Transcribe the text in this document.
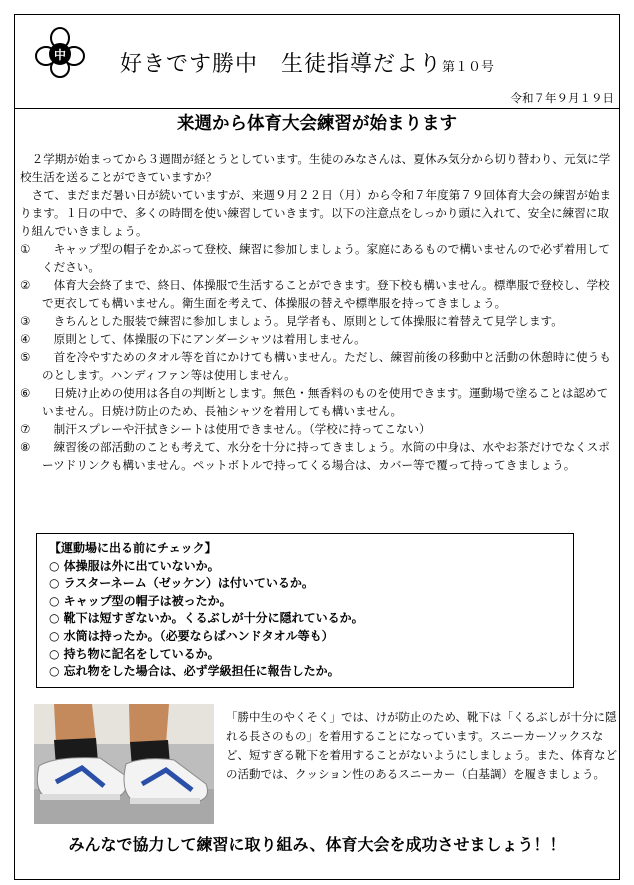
中 好きです勝中　生徒指導だより第１０号
令和７年９月１９日
来週から体育大会練習が始まります

２学期が始まってから３週間が経とうとしています。生徒のみなさんは、夏休み気分から切り替わり、元気に学校生活を送ることができていますか？

さて、まだまだ暑い日が続いていますが、来週９月２２日（月）から令和７年度第７９回体育大会の練習が始まります。１日の中で、多くの時間を使い練習していきます。以下の注意点をしっかり頭に入れて、安全に練習に取り組んでいきましょう。

①	キャップ型の帽子をかぶって登校、練習に参加しましょう。家庭にあるもので構いませんので必ず着用してください。
②	体育大会終了まで、終日、体操服で生活することができます。登下校も構いません。標準服で登校し、学校で更衣しても構いません。衛生面を考えて、体操服の替えや標準服を持ってきましょう。
③	きちんとした服装で練習に参加しましょう。見学者も、原則として体操服に着替えて見学します。
④	原則として、体操服の下にアンダーシャツは着用しません。
⑤	首を冷やすためのタオル等を首にかけても構いません。ただし、練習前後の移動中と活動の休憩時に使うものとします。ハンディファン等は使用しません。
⑥	日焼け止めの使用は各自の判断とします。無色・無香料のものを使用できます。運動場で塗ることは認めていません。日焼け防止のため、長袖シャツを着用しても構いません。
⑦	制汗スプレーや汗拭きシートは使用できません。（学校に持ってこない）
⑧	練習後の部活動のことも考えて、水分を十分に持ってきましょう。水筒の中身は、水やお茶だけでなくスポーツドリンクも構いません。ペットボトルで持ってくる場合は、カバー等で覆って持ってきましょう。
【運動場に出る前にチェック】
○ 体操服は外に出ていないか。
○ ラスターネーム（ゼッケン）は付いているか。
○ キャップ型の帽子は被ったか。
○ 靴下は短すぎないか。くるぶしが十分に隠れているか。
○ 水筒は持ったか。（必要ならばハンドタオル等も）
○ 持ち物に記名をしているか。
○ 忘れ物をした場合は、必ず学級担任に報告したか。

「勝中生のやくそく」では、けが防止のため、靴下は「くるぶしが十分に隠れる長さのもの」を着用することになっています。スニーカーソックスなど、短すぎる靴下を着用することがないようにしましょう。また、体育などの活動では、クッション性のあるスニーカー（白基調）を履きましょう。

みんなで協力して練習に取り組み、体育大会を成功させましょう！！
